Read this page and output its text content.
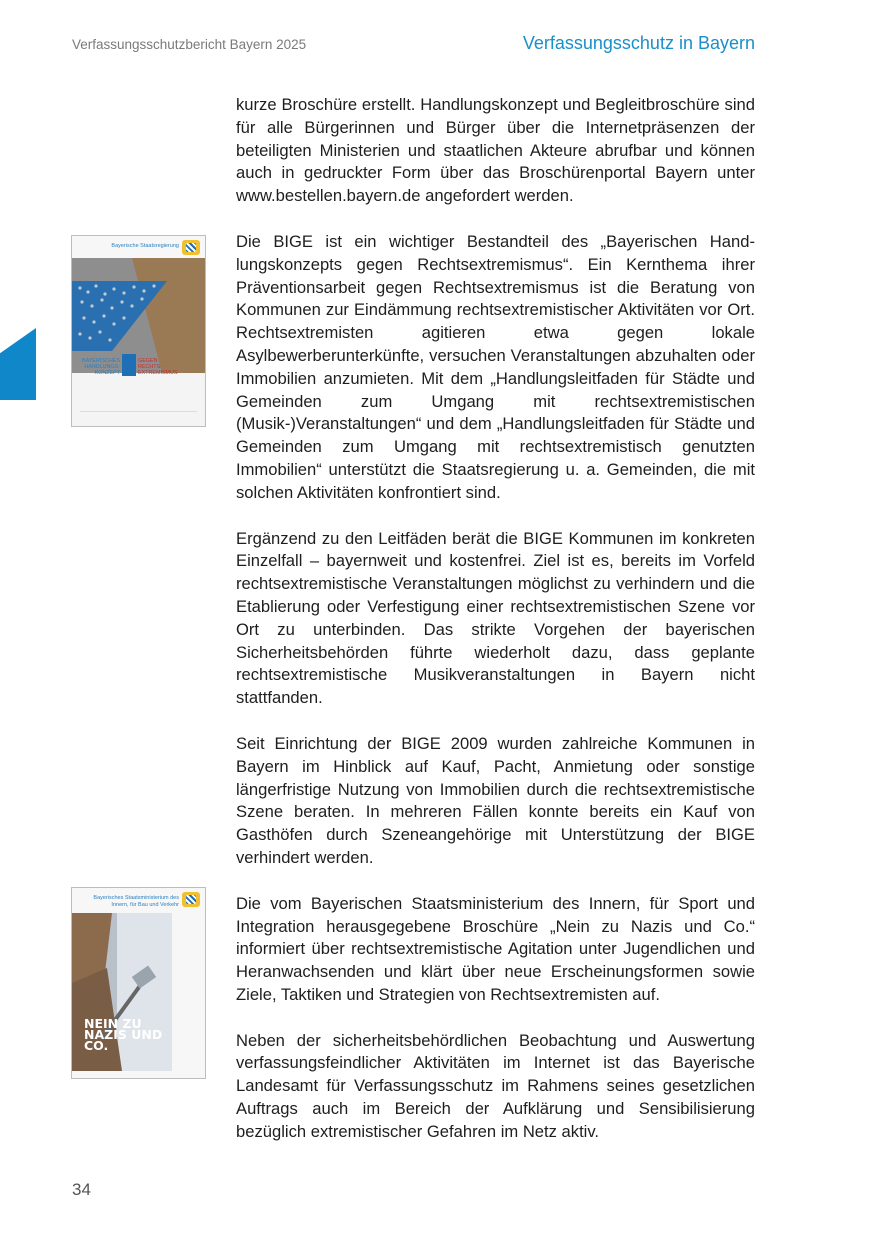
Verfassungsschutzbericht Bayern 2025	Verfassungsschutz in Bayern
Bayerische Staatsregierung
BAYERISCHES HANDLUNGS-KONZEPT
GEGEN RECHTS-EXTREMISMUS
Bayerisches Staatsministerium des Innern, für Bau und Verkehr
NEIN ZU NAZIS UND CO.

kurze Broschüre erstellt. Handlungskonzept und Begleitbroschüre sind für alle Bürgerinnen und Bürger über die Internetpräsenzen der beteiligten Ministerien und staatlichen Akteure abrufbar und können auch in gedruckter Form über das Broschürenportal Bayern unter www.bestellen.bayern.de angefordert werden.

Die BIGE ist ein wichtiger Bestandteil des „Bayerischen Handlungskonzepts gegen Rechtsextremismus“. Ein Kernthema ihrer Präventionsarbeit gegen Rechtsextremismus ist die Beratung von Kommunen zur Eindämmung rechtsextremistischer Aktivitäten vor Ort. Rechtsextremisten agitieren etwa gegen lokale Asylbewerberunterkünfte, versuchen Veranstaltungen abzuhalten oder Immobilien anzumieten. Mit dem „Handlungsleitfaden für Städte und Gemeinden zum Umgang mit rechtsextremistischen (Musik-)Veranstaltungen“ und dem „Handlungsleitfaden für Städte und Gemeinden zum Umgang mit rechtsextremistisch genutzten Immobilien“ unterstützt die Staatsregierung u. a. Gemeinden, die mit solchen Aktivitäten konfrontiert sind.

Ergänzend zu den Leitfäden berät die BIGE Kommunen im konkreten Einzelfall – bayernweit und kostenfrei. Ziel ist es, bereits im Vorfeld rechtsextremistische Veranstaltungen möglichst zu verhindern und die Etablierung oder Verfestigung einer rechtsextremistischen Szene vor Ort zu unterbinden. Das strikte Vorgehen der bayerischen Sicherheitsbehörden führte wiederholt dazu, dass geplante rechtsextremistische Musikveranstaltungen in Bayern nicht stattfanden.

Seit Einrichtung der BIGE 2009 wurden zahlreiche Kommunen in Bayern im Hinblick auf Kauf, Pacht, Anmietung oder sonstige längerfristige Nutzung von Immobilien durch die rechtsextremistische Szene beraten. In mehreren Fällen konnte bereits ein Kauf von Gasthöfen durch Szeneangehörige mit Unterstützung der BIGE verhindert werden.

Die vom Bayerischen Staatsministerium des Innern, für Sport und Integration herausgegebene Broschüre „Nein zu Nazis und Co.“ informiert über rechtsextremistische Agitation unter Jugendlichen und Heranwachsenden und klärt über neue Erscheinungsformen sowie Ziele, Taktiken und Strategien von Rechtsextremisten auf.

Neben der sicherheitsbehördlichen Beobachtung und Auswertung verfassungsfeindlicher Aktivitäten im Internet ist das Bayerische Landesamt für Verfassungsschutz im Rahmens seines gesetzlichen Auftrags auch im Bereich der Aufklärung und Sensibilisierung bezüglich extremistischer Gefahren im Netz aktiv.

34
